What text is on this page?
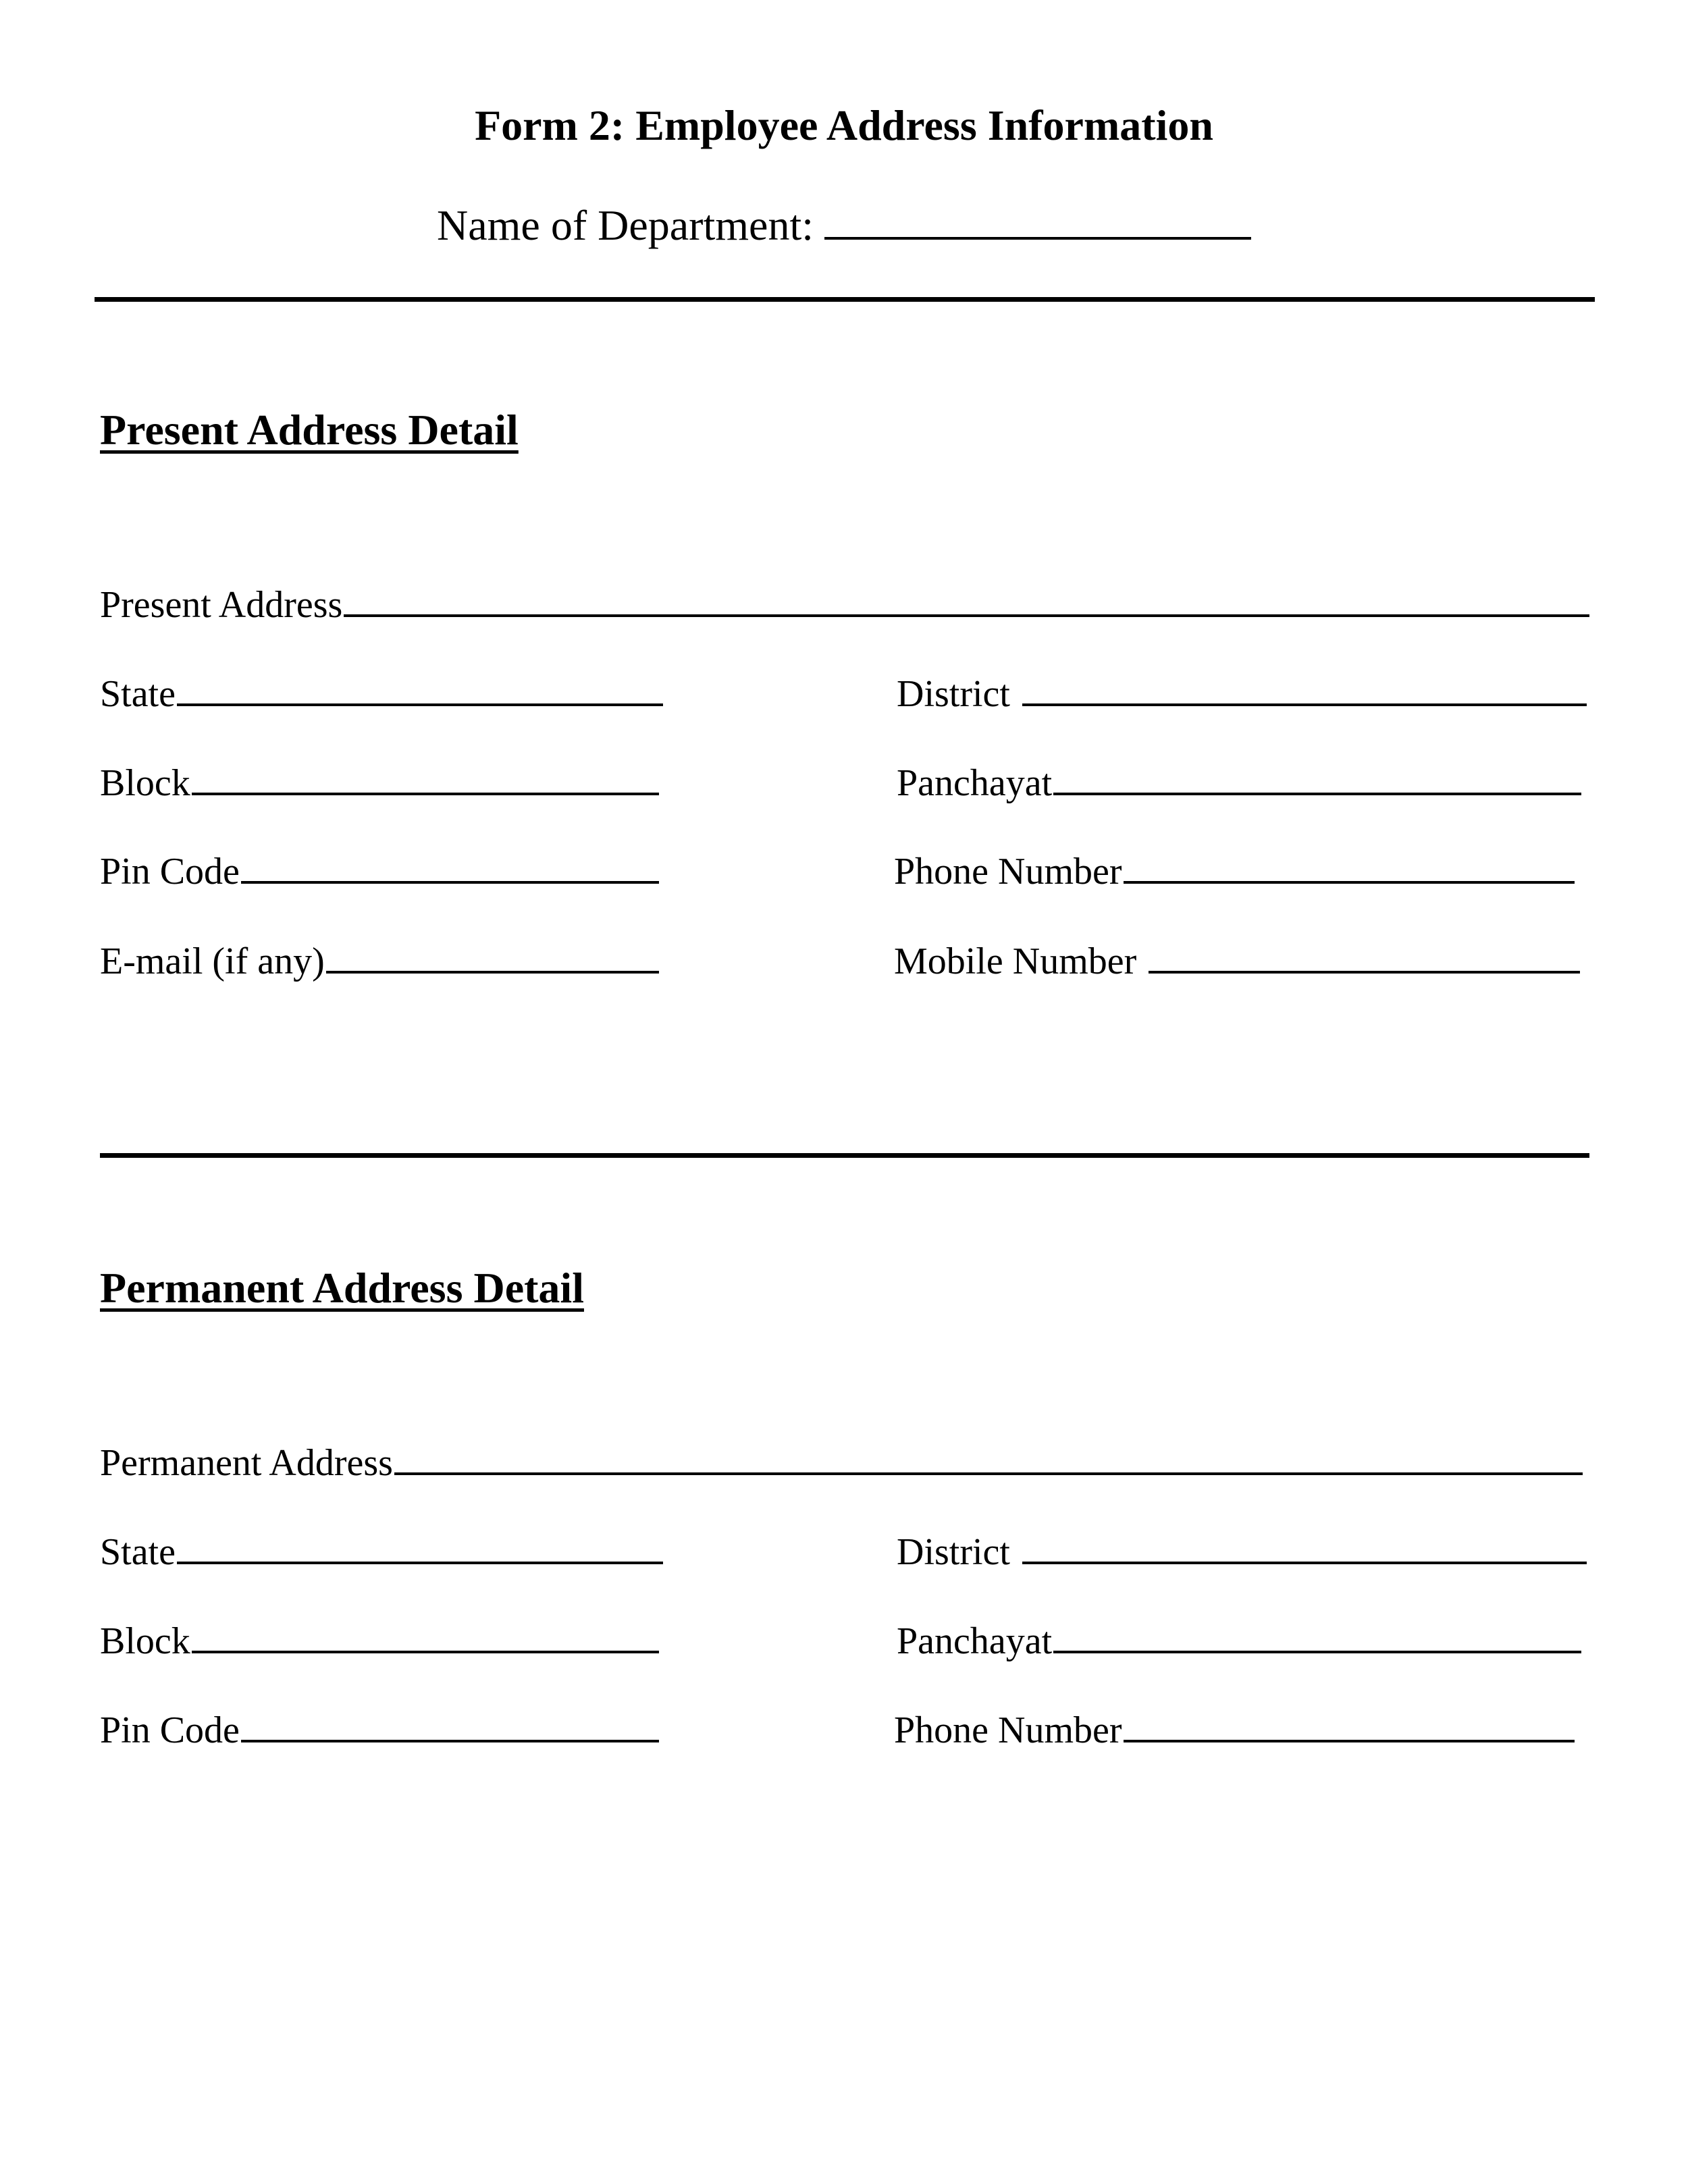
Form 2: Employee Address Information
Name of Department:
Present Address Detail
Present Address
State	District
Block	Panchayat
Pin Code	Phone Number
E-mail (if any)	Mobile Number
Permanent Address Detail
Permanent Address
State	District
Block	Panchayat
Pin Code	Phone Number
